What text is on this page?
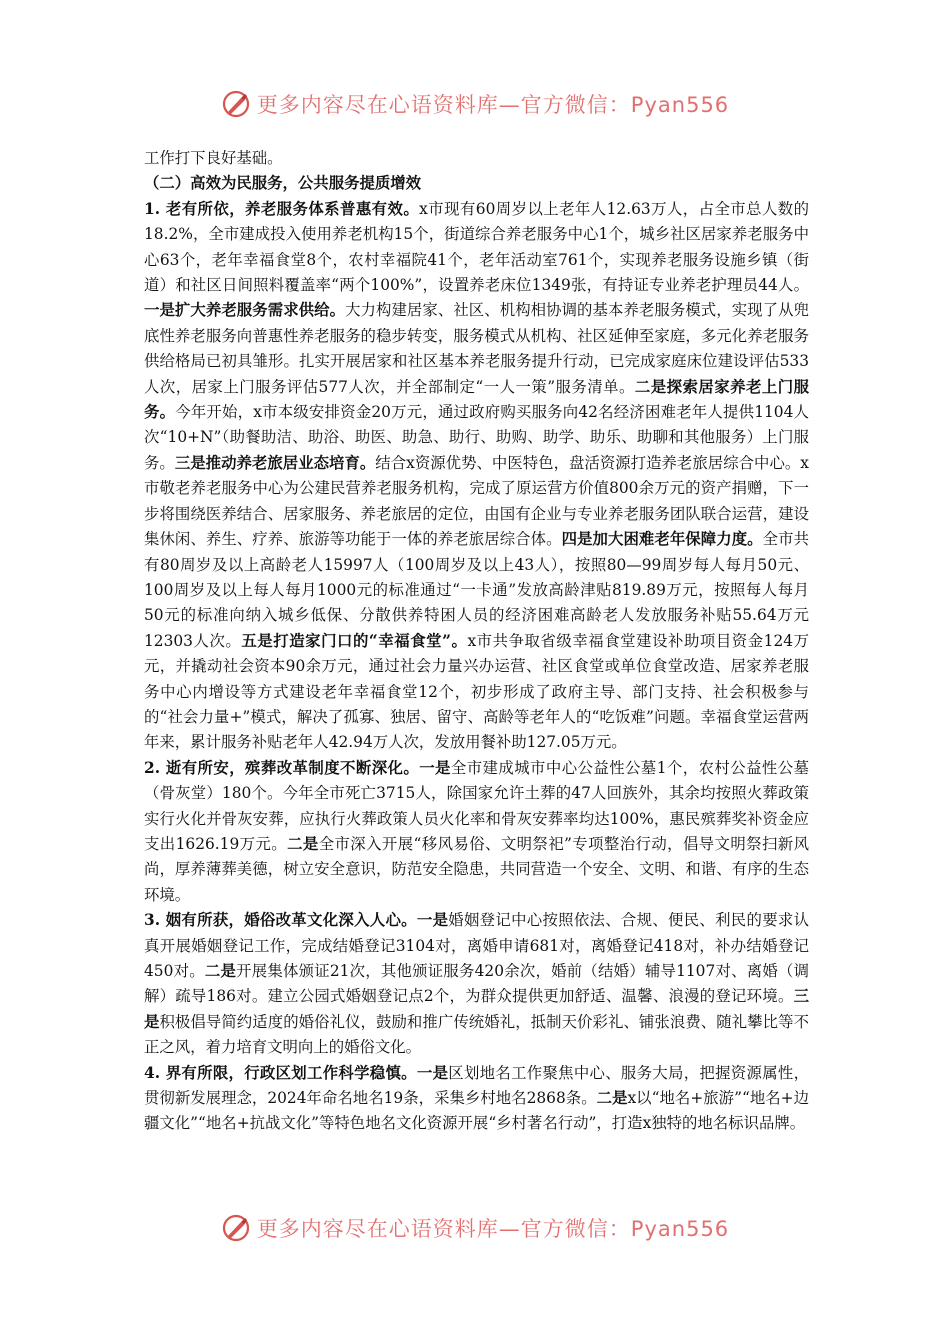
更多内容尽在心语资料库—官方微信：Pyan556

工作打下良好基础。

（二）高效为民服务，公共服务提质增效

1. 老有所依，养老服务体系普惠有效。x市现有60周岁以上老年人12.63万人，占全市总人数的18.2%，全市建成投入使用养老机构15个，街道综合养老服务中心1个，城乡社区居家养老服务中心63个，老年幸福食堂8个，农村幸福院41个，老年活动室761个，实现养老服务设施乡镇（街道）和社区日间照料覆盖率“两个100%”，设置养老床位1349张，有持证专业养老护理员44人。一是扩大养老服务需求供给。大力构建居家、社区、机构相协调的基本养老服务模式，实现了从兜底性养老服务向普惠性养老服务的稳步转变，服务模式从机构、社区延伸至家庭，多元化养老服务供给格局已初具雏形。扎实开展居家和社区基本养老服务提升行动，已完成家庭床位建设评估533人次，居家上门服务评估577人次，并全部制定“一人一策”服务清单。二是探索居家养老上门服务。今年开始，x市本级安排资金20万元，通过政府购买服务向42名经济困难老年人提供1104人次“10+N”（助餐助洁、助浴、助医、助急、助行、助购、助学、助乐、助聊和其他服务）上门服务。三是推动养老旅居业态培育。结合x资源优势、中医特色，盘活资源打造养老旅居综合中心。x市敬老养老服务中心为公建民营养老服务机构，完成了原运营方价值800余万元的资产捐赠，下一步将围绕医养结合、居家服务、养老旅居的定位，由国有企业与专业养老服务团队联合运营，建设集休闲、养生、疗养、旅游等功能于一体的养老旅居综合体。四是加大困难老年保障力度。全市共有80周岁及以上高龄老人15997人（100周岁及以上43人），按照80—99周岁每人每月50元、100周岁及以上每人每月1000元的标准通过“一卡通”发放高龄津贴819.89万元，按照每人每月50元的标准向纳入城乡低保、分散供养特困人员的经济困难高龄老人发放服务补贴55.64万元12303人次。五是打造家门口的“幸福食堂”。x市共争取省级幸福食堂建设补助项目资金124万元，并撬动社会资本90余万元，通过社会力量兴办运营、社区食堂或单位食堂改造、居家养老服务中心内增设等方式建设老年幸福食堂12个，初步形成了政府主导、部门支持、社会积极参与的“社会力量+”模式，解决了孤寡、独居、留守、高龄等老年人的“吃饭难”问题。幸福食堂运营两年来，累计服务补贴老年人42.94万人次，发放用餐补助127.05万元。

2. 逝有所安，殡葬改革制度不断深化。一是全市建成城市中心公益性公墓1个，农村公益性公墓（骨灰堂）180个。今年全市死亡3715人，除国家允许土葬的47人回族外，其余均按照火葬政策实行火化并骨灰安葬，应执行火葬政策人员火化率和骨灰安葬率均达100%，惠民殡葬奖补资金应支出1626.19万元。二是全市深入开展“移风易俗、文明祭祀”专项整治行动，倡导文明祭扫新风尚，厚养薄葬美德，树立安全意识，防范安全隐患，共同营造一个安全、文明、和谐、有序的生态环境。

3. 姻有所获，婚俗改革文化深入人心。一是婚姻登记中心按照依法、合规、便民、利民的要求认真开展婚姻登记工作，完成结婚登记3104对，离婚申请681对，离婚登记418对，补办结婚登记450对。二是开展集体颁证21次，其他颁证服务420余次，婚前（结婚）辅导1107对、离婚（调解）疏导186对。建立公园式婚姻登记点2个，为群众提供更加舒适、温馨、浪漫的登记环境。三是积极倡导简约适度的婚俗礼仪，鼓励和推广传统婚礼，抵制天价彩礼、铺张浪费、随礼攀比等不正之风，着力培育文明向上的婚俗文化。

4. 界有所限，行政区划工作科学稳慎。一是区划地名工作聚焦中心、服务大局，把握资源属性，贯彻新发展理念，2024年命名地名19条，采集乡村地名2868条。二是x以“地名+旅游”“地名+边疆文化”“地名+抗战文化”等特色地名文化资源开展“乡村著名行动”，打造x独特的地名标识品牌。

更多内容尽在心语资料库—官方微信：Pyan556
